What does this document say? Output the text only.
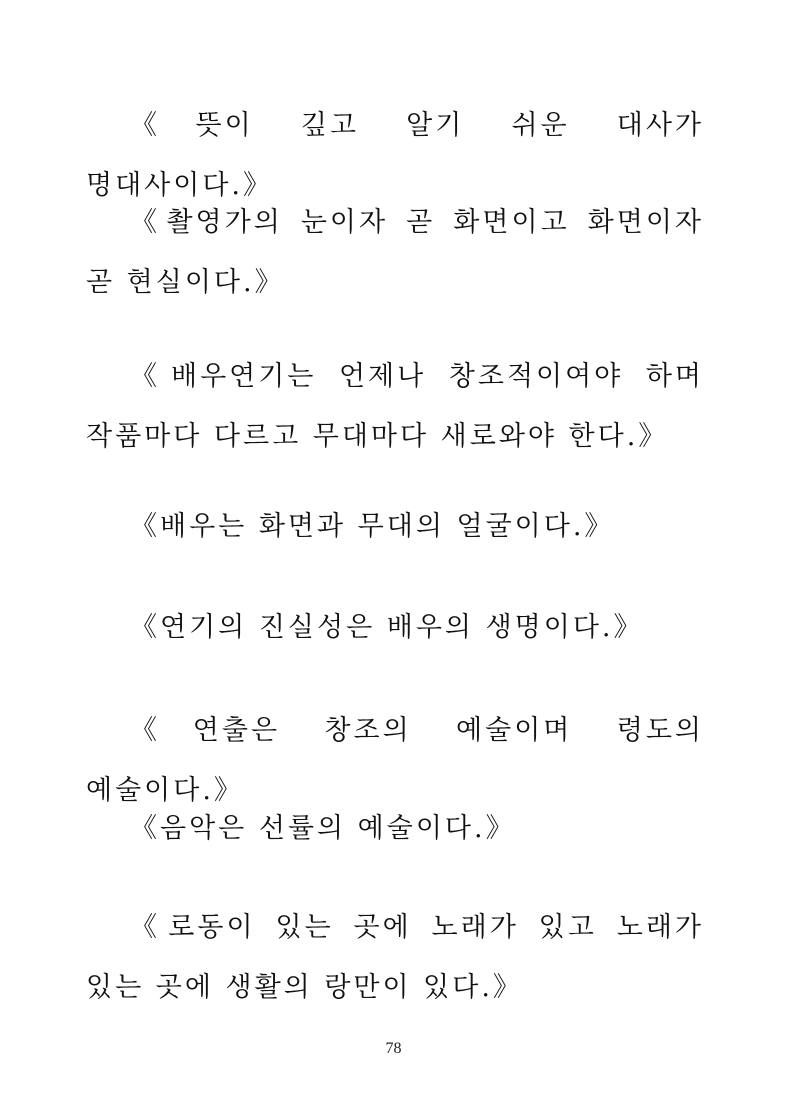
《뜻이 깊고 알기 쉬운 대사가 명대사이다.》

《촬영가의 눈이자 곧 화면이고 화면이자 곧 현실이다.》

《배우연기는 언제나 창조적이여야 하며 작품마다 다르고 무대마다 새로와야 한다.》

《배우는 화면과 무대의 얼굴이다.》

《연기의 진실성은 배우의 생명이다.》

《연출은 창조의 예술이며 령도의 예술이다.》

《음악은 선률의 예술이다.》

《로동이 있는 곳에 노래가 있고 노래가 있는 곳에 생활의 랑만이 있다.》

78
